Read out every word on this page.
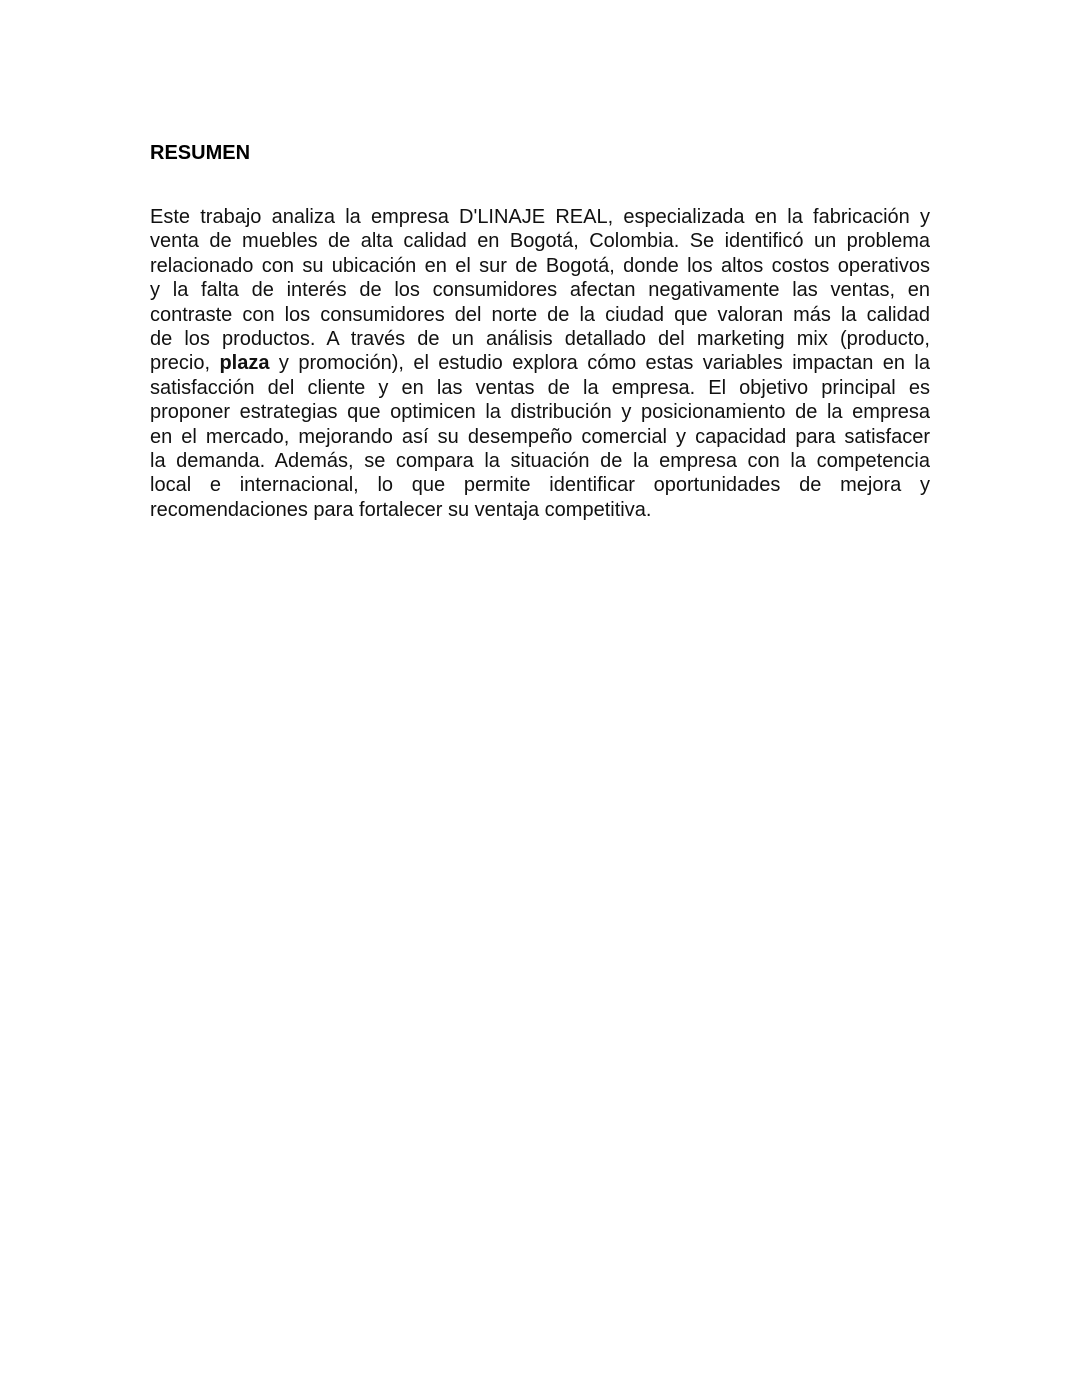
RESUMEN
Este trabajo analiza la empresa D'LINAJE REAL, especializada en la fabricación y
venta de muebles de alta calidad en Bogotá, Colombia. Se identificó un problema
relacionado con su ubicación en el sur de Bogotá, donde los altos costos operativos
y la falta de interés de los consumidores afectan negativamente las ventas, en
contraste con los consumidores del norte de la ciudad que valoran más la calidad
de los productos. A través de un análisis detallado del marketing mix (producto,
precio, plaza y promoción), el estudio explora cómo estas variables impactan en la
satisfacción del cliente y en las ventas de la empresa. El objetivo principal es
proponer estrategias que optimicen la distribución y posicionamiento de la empresa
en el mercado, mejorando así su desempeño comercial y capacidad para satisfacer
la demanda. Además, se compara la situación de la empresa con la competencia
local e internacional, lo que permite identificar oportunidades de mejora y
recomendaciones para fortalecer su ventaja competitiva.
